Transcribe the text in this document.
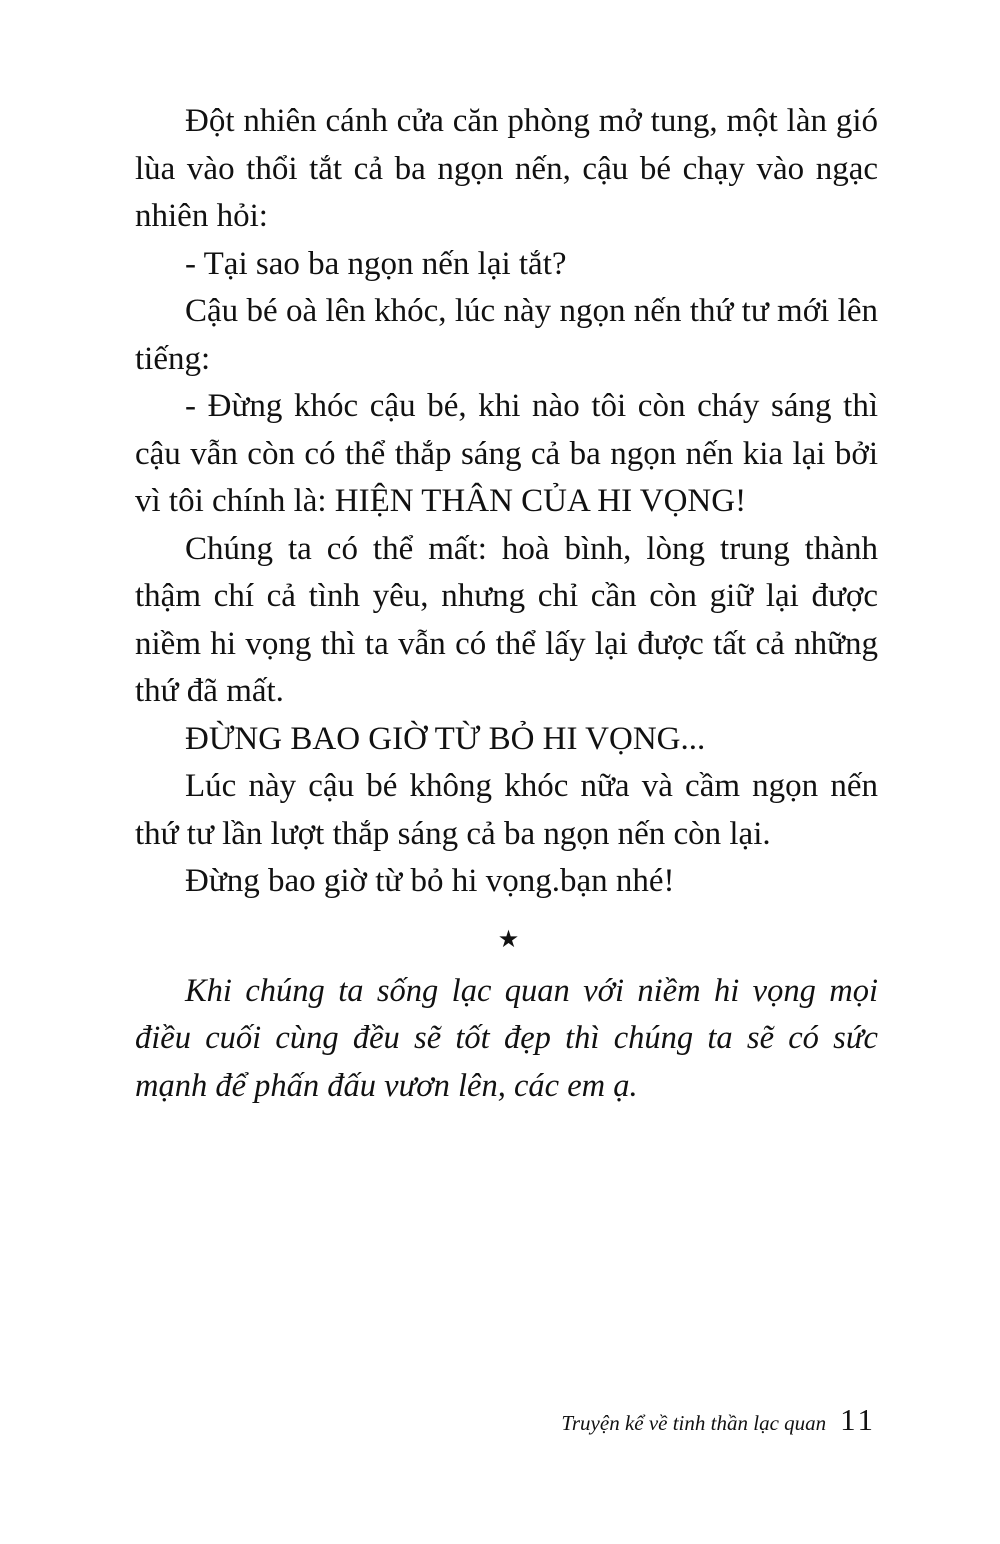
Đột nhiên cánh cửa căn phòng mở tung, một làn gió lùa vào thổi tắt cả ba ngọn nến, cậu bé chạy vào ngạc nhiên hỏi:

- Tại sao ba ngọn nến lại tắt?

Cậu bé oà lên khóc, lúc này ngọn nến thứ tư mới lên tiếng:

- Đừng khóc cậu bé, khi nào tôi còn cháy sáng thì cậu vẫn còn có thể thắp sáng cả ba ngọn nến kia lại bởi vì tôi chính là: HIỆN THÂN CỦA HI VỌNG!

Chúng ta có thể mất: hoà bình, lòng trung thành thậm chí cả tình yêu, nhưng chỉ cần còn giữ lại được niềm hi vọng thì ta vẫn có thể lấy lại được tất cả những thứ đã mất.

ĐỪNG BAO GIỜ TỪ BỎ HI VỌNG...

Lúc này cậu bé không khóc nữa và cầm ngọn nến thứ tư lần lượt thắp sáng cả ba ngọn nến còn lại.

Đừng bao giờ từ bỏ hi vọng.bạn nhé!

★

Khi chúng ta sống lạc quan với niềm hi vọng mọi điều cuối cùng đều sẽ tốt đẹp thì chúng ta sẽ có sức mạnh để phấn đấu vươn lên, các em ạ.

Truyện kể về tinh thần lạc quan 11
